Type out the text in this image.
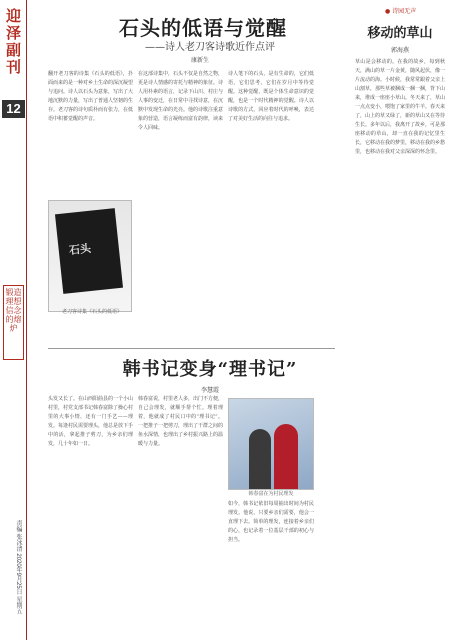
迎泽副刊
12
锻造理想信念的熔炉
责编 张冰清 2020年9月25日 星期五
石头的低语与觉醒
——诗人老刀客诗歌近作点评
康新生
翻开老刀客的诗集《石头的低语》，扑面而来的是一种对乡土生命的深沉凝望与追问。诗人以石头为意象，写出了大地沉默的力量，写出了普通人坚韧的生存。老刀客的诗句质朴而有张力，在低语中积蓄觉醒的声音。
在这部诗集中，石头不仅是自然之物，更是诗人情感的寄托与精神的象征。诗人用朴素的语言，记录下山川、村庄与人事的变迁，在日常中寻找诗意，在沉默中发现生命的光亮。他的诗歌注重意象的营造，语言凝练而富有韵律，读来令人回味。
诗人笔下的石头，是有生命的，它们低语，它们思考，它们在岁月中等待觉醒。这种觉醒，既是个体生命意识的觉醒，也是一个时代精神的觉醒。诗人以诗歌的方式，回应着时代的呼唤，表达了对美好生活的向往与追求。
石头
老刀客诗集《石头的低语》
韩书记变身“理书记”
李慧霞
头发又长了。在山西阳曲县的一个小山村里，村党支部书记韩春富除了操心村里的大事小情，还有一门手艺——理发。每逢村民需要理头，他总是放下手中的活，拿起推子剪刀，为乡亲们理发，几十年如一日。
韩春富说，村里老人多，出门不方便，自己会理发，就顺手帮个忙。理着理着，他就成了村民口中的“理书记”。一把推子一把剪刀，理出了干群之间的鱼水深情，也理出了乡村振兴路上的温暖与力量。
韩春富在为村民理发
如今，韩书记依旧每周抽出时间为村民理发。他说，只要乡亲们需要，他会一直理下去。简单的理发，连接着乡亲们的心，也记录着一位基层干部的初心与担当。
● 诗园无声
移动的草山
郭海燕
草山是会移动的。在我的故乡，每到秋天，满山的草一片金黄，随风起伏，像一片流动的海。小时候，我常常跟着父亲上山割草，那些草被捆成一捆一捆，背下山来，堆成一座座小草山。冬天来了，草山一点点变小，喂饱了家里的牛羊。春天来了，山上的草又绿了，新的草山又在等待生长。多年以后，我离开了故乡，可是那座移动的草山，却一直在我的记忆里生长，它移动在我的梦里，移动在我的乡愁里，也移动在我对父亲深深的怀念里。
